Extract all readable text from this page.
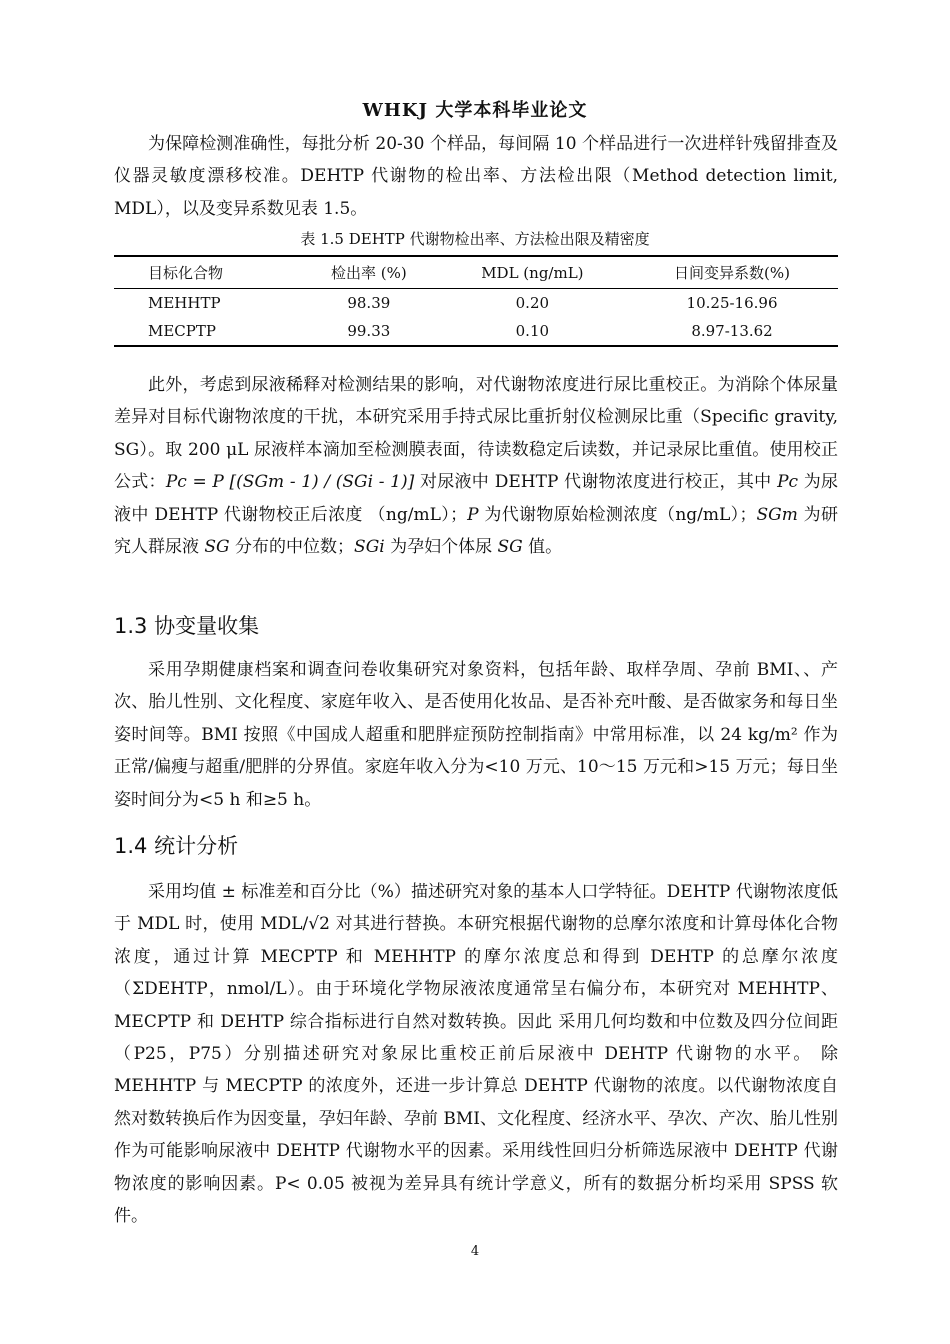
WHKJ 大学本科毕业论文

为保障检测准确性，每批分析 20-30 个样品，每间隔 10 个样品进行一次进样针残留排查及仪器灵敏度漂移校准。DEHTP 代谢物的检出率、方法检出限（Method detection limit, MDL），以及变异系数见表 1.5。

表 1.5 DEHTP 代谢物检出率、方法检出限及精密度
目标化合物	检出率 (%)	MDL (ng/mL)	日间变异系数(%)
MEHHTP	98.39	0.20	10.25-16.96
MECPTP	99.33	0.10	8.97-13.62

此外，考虑到尿液稀释对检测结果的影响，对代谢物浓度进行尿比重校正。为消除个体尿量差异对目标代谢物浓度的干扰，本研究采用手持式尿比重折射仪检测尿比重（Specific gravity, SG）。取 200 μL 尿液样本滴加至检测膜表面，待读数稳定后读数，并记录尿比重值。使用校正公式：Pc = P [(SGm - 1) / (SGi - 1)] 对尿液中 DEHTP 代谢物浓度进行校正，其中 Pc 为尿液中 DEHTP 代谢物校正后浓度 （ng/mL）；P 为代谢物原始检测浓度（ng/mL）；SGm 为研究人群尿液 SG 分布的中位数；SGi 为孕妇个体尿 SG 值。

1.3 协变量收集

采用孕期健康档案和调查问卷收集研究对象资料，包括年龄、取样孕周、孕前 BMI、、产次、胎儿性别、文化程度、家庭年收入、是否使用化妆品、是否补充叶酸、是否做家务和每日坐姿时间等。BMI 按照《中国成人超重和肥胖症预防控制指南》中常用标准，以 24 kg/m² 作为正常/偏瘦与超重/肥胖的分界值。家庭年收入分为<10 万元、10～15 万元和>15 万元；每日坐姿时间分为<5 h 和≥5 h。

1.4 统计分析

采用均值 ± 标准差和百分比（%）描述研究对象的基本人口学特征。DEHTP 代谢物浓度低于 MDL 时，使用 MDL/√2 对其进行替换。本研究根据代谢物的总摩尔浓度和计算母体化合物浓度，通过计算 MECPTP 和 MEHHTP 的摩尔浓度总和得到 DEHTP 的总摩尔浓度（ΣDEHTP，nmol/L）。由于环境化学物尿液浓度通常呈右偏分布，本研究对 MEHHTP、MECPTP 和 DEHTP 综合指标进行自然对数转换。因此 采用几何均数和中位数及四分位间距（P25，P75）分别描述研究对象尿比重校正前后尿液中 DEHTP 代谢物的水平。 除 MEHHTP 与 MECPTP 的浓度外，还进一步计算总 DEHTP 代谢物的浓度。以代谢物浓度自然对数转换后作为因变量，孕妇年龄、孕前 BMI、文化程度、经济水平、孕次、产次、胎儿性别作为可能影响尿液中 DEHTP 代谢物水平的因素。采用线性回归分析筛选尿液中 DEHTP 代谢物浓度的影响因素。P< 0.05 被视为差异具有统计学意义，所有的数据分析均采用 SPSS 软件。

4
